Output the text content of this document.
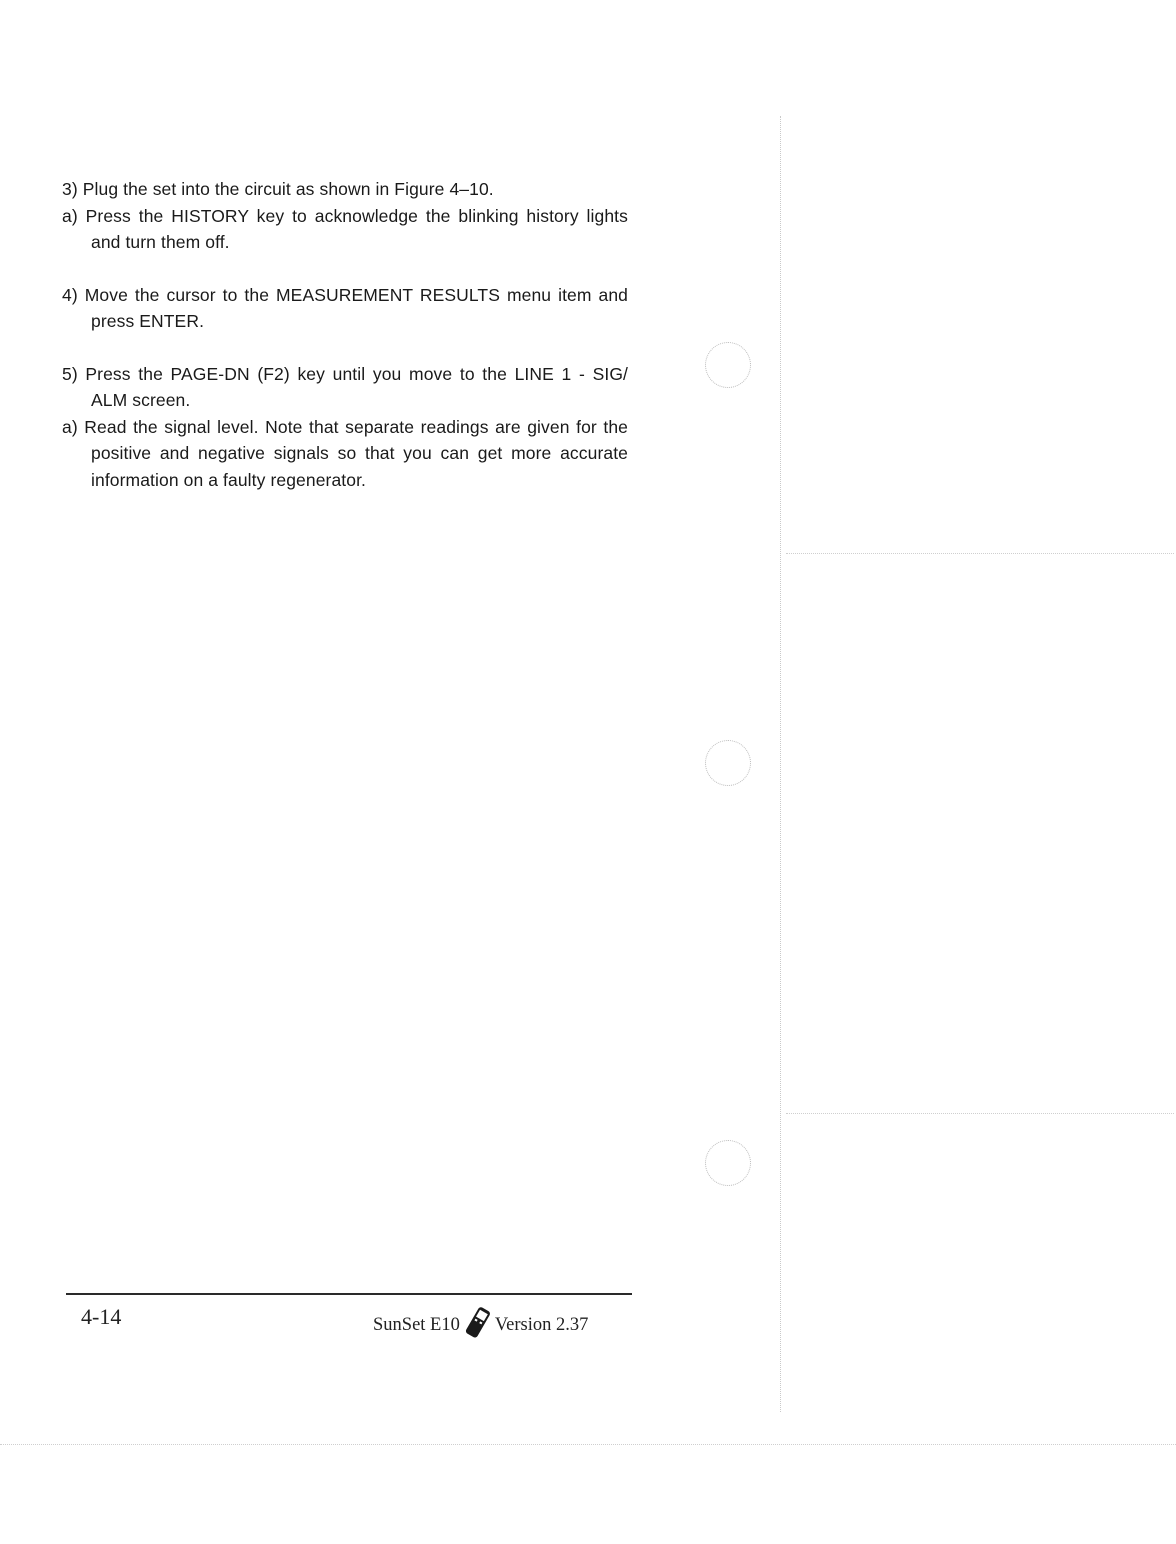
3) Plug the set into the circuit as shown in Figure 4–10.

a) Press the HISTORY key to acknowledge the blinking history lights and turn them off.

4) Move the cursor to the MEASUREMENT RESULTS menu item and press ENTER.

5) Press the PAGE-DN (F2) key until you move to the LINE 1 - SIG/ ALM screen.

a) Read the signal level. Note that separate readings are given for the positive and negative signals so that you can get more accurate information on a faulty regenerator.

4-14	SunSet E10 Version 2.37
